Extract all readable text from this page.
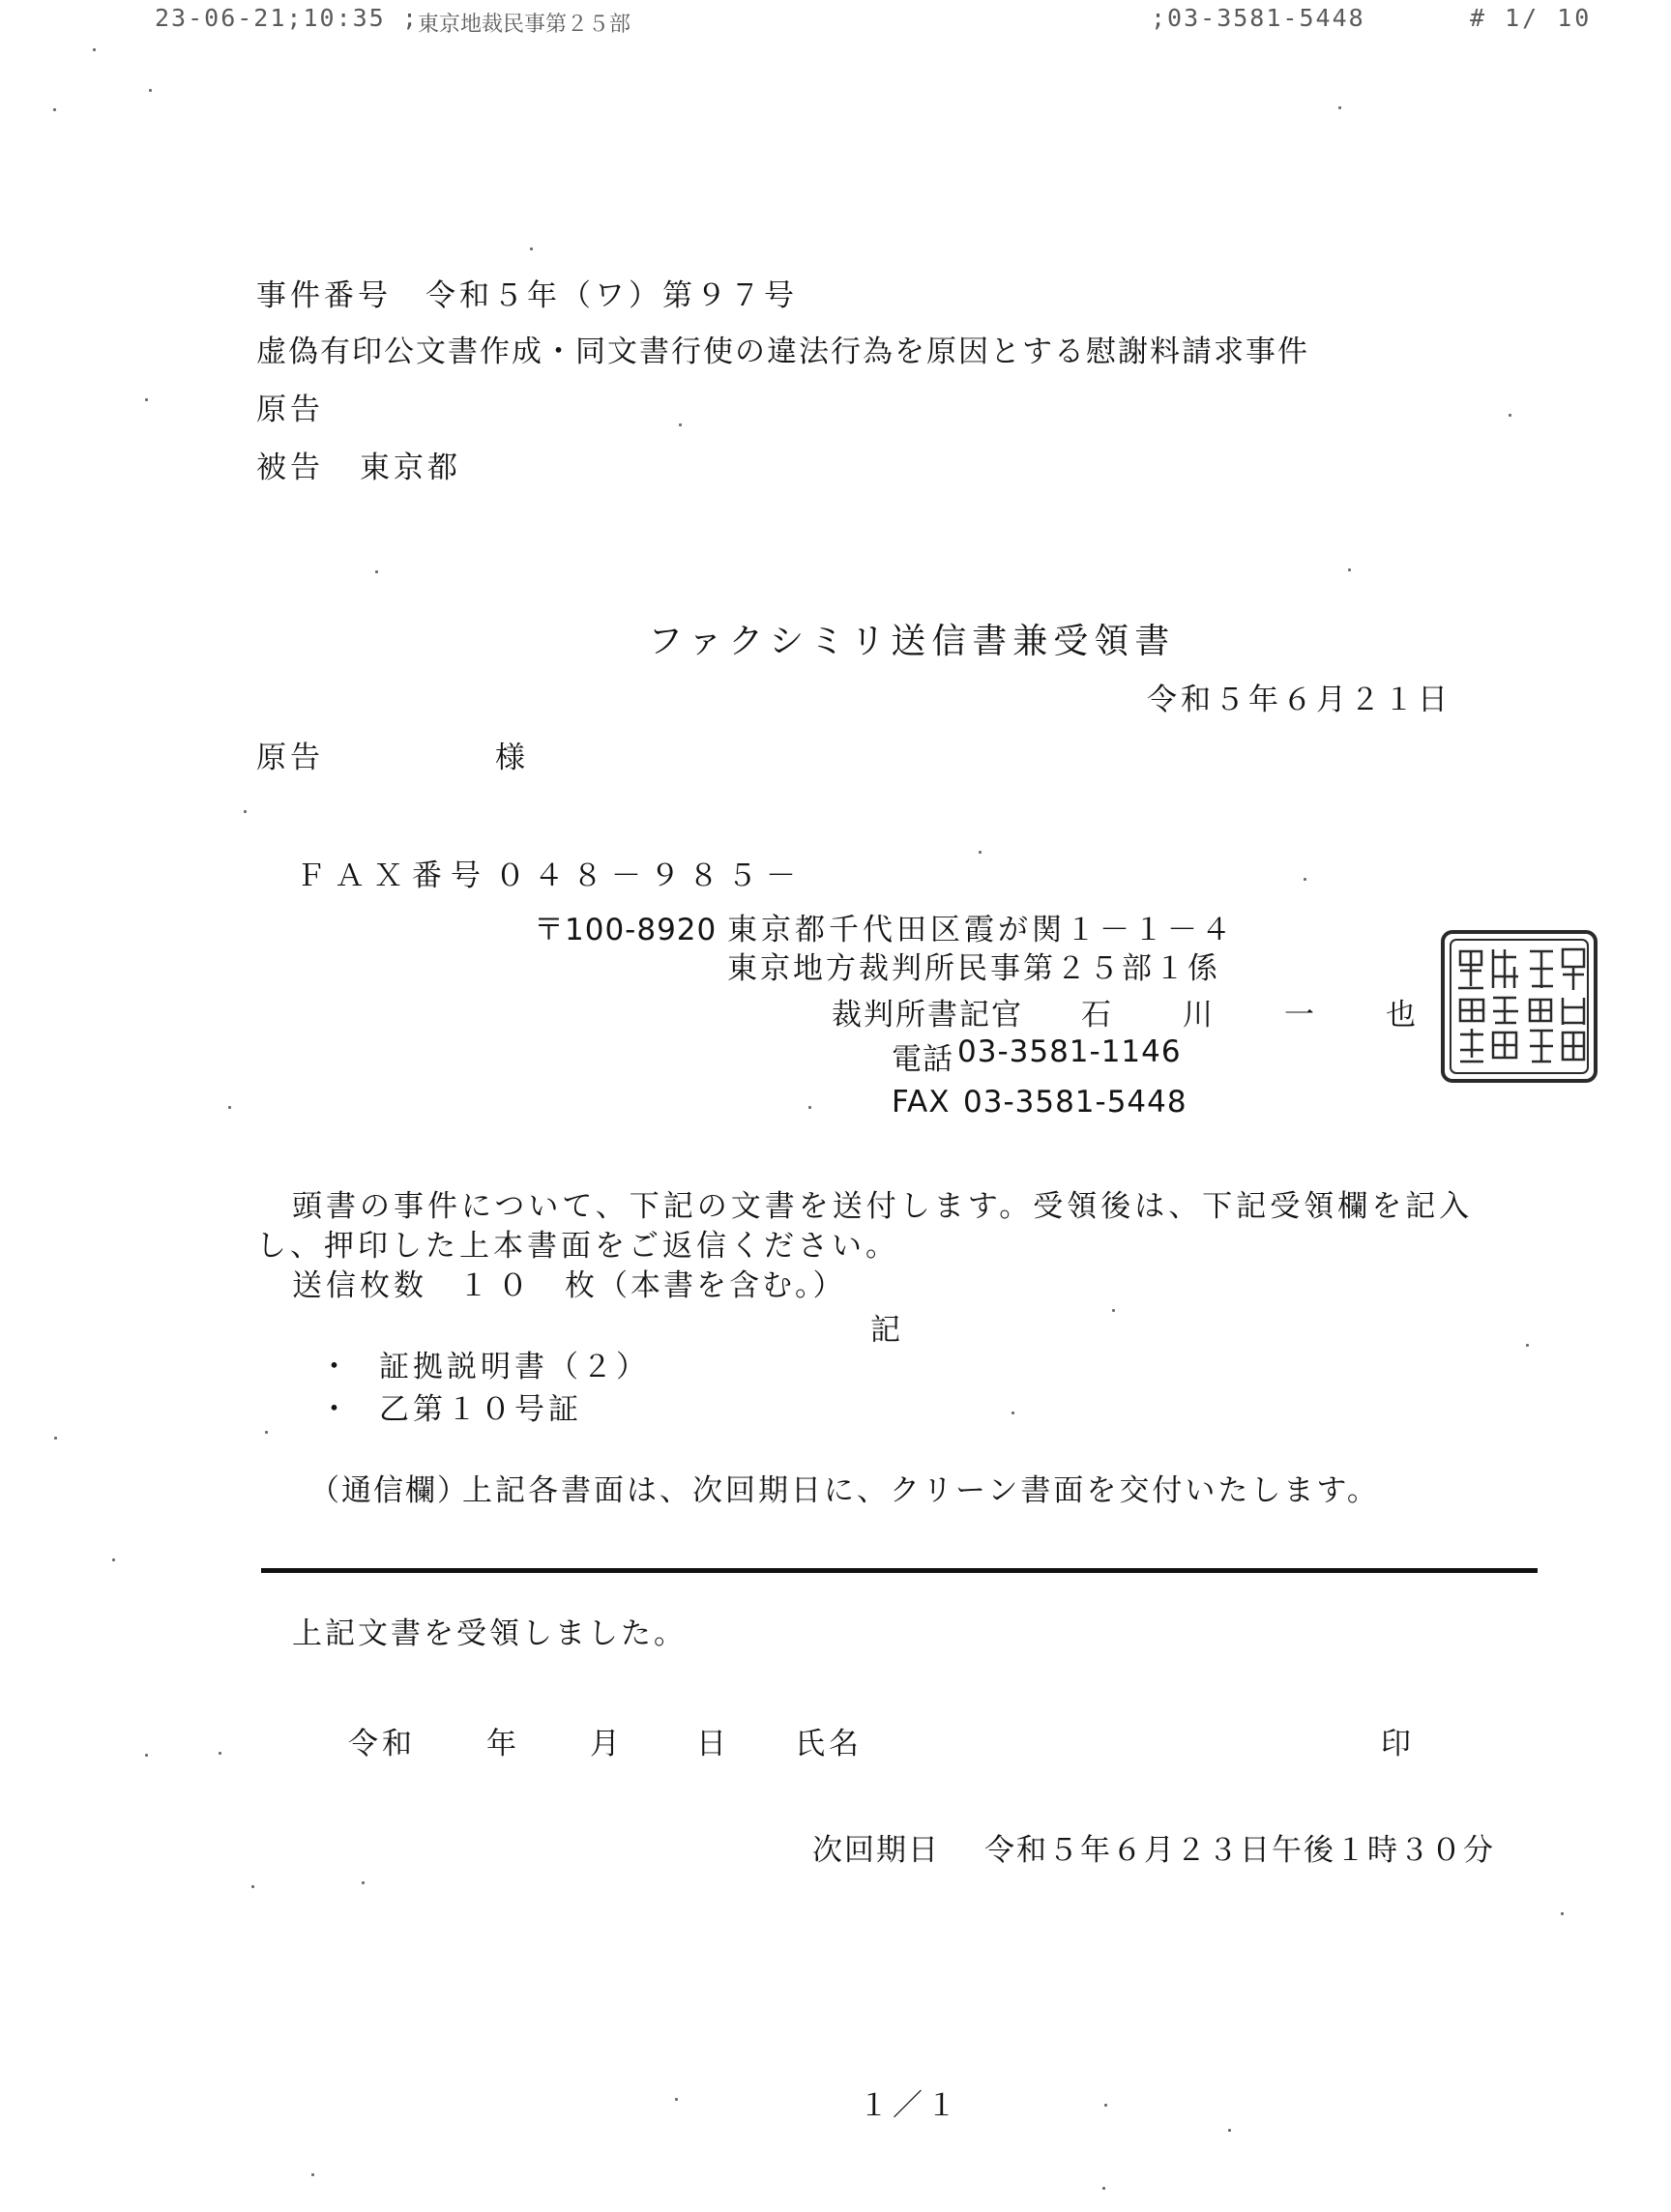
23-06-21;10:35 ;
東京地裁民事第２５部	;03-3581-5448	# 1/ 10
事件番号 令和５年（ワ）第９７号
虚偽有印公文書作成・同文書行使の違法行為を原因とする慰謝料請求事件
原告
被告 東京都
ファクシミリ送信書兼受領書
令和５年６月２１日
原告	様
ＦＡＸ番号 ０４８－９８５－
〒100-8920 東京都千代田区霞が関１－１－４
東京地方裁判所民事第２５部１係
裁判所書記官 石　　川　　一　　也
電話 03-3581-1146
FAX 03-3581-5448
頭書の事件について、下記の文書を送付します。受領後は、下記受領欄を記入
し、押印した上本書面をご返信ください。
送信枚数 １０ 枚（本書を含む。）
記
・ 証拠説明書（２）
・ 乙第１０号証
（通信欄）
上記各書面は、次回期日に、クリーン書面を交付いたします。
上記文書を受領しました。
令和 年 月 日 氏名	印
次回期日 令和５年６月２３日午後１時３０分
１／１
